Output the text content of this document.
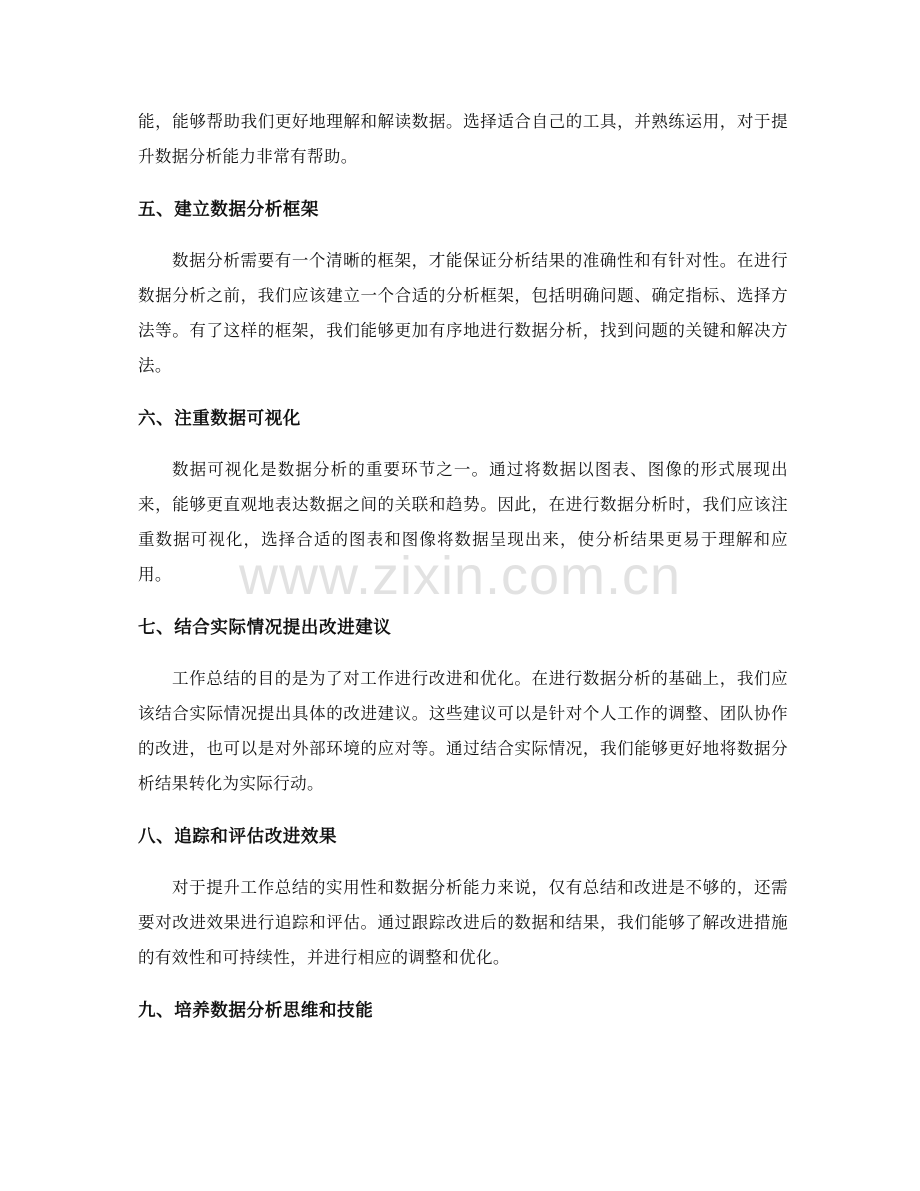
能，能够帮助我们更好地理解和解读数据。选择适合自己的工具，并熟练运用，对于提升数据分析能力非常有帮助。

五、建立数据分析框架

数据分析需要有一个清晰的框架，才能保证分析结果的准确性和有针对性。在进行数据分析之前，我们应该建立一个合适的分析框架，包括明确问题、确定指标、选择方法等。有了这样的框架，我们能够更加有序地进行数据分析，找到问题的关键和解决方法。

六、注重数据可视化

数据可视化是数据分析的重要环节之一。通过将数据以图表、图像的形式展现出来，能够更直观地表达数据之间的关联和趋势。因此，在进行数据分析时，我们应该注重数据可视化，选择合适的图表和图像将数据呈现出来，使分析结果更易于理解和应用。

七、结合实际情况提出改进建议

工作总结的目的是为了对工作进行改进和优化。在进行数据分析的基础上，我们应该结合实际情况提出具体的改进建议。这些建议可以是针对个人工作的调整、团队协作的改进，也可以是对外部环境的应对等。通过结合实际情况，我们能够更好地将数据分析结果转化为实际行动。

八、追踪和评估改进效果

对于提升工作总结的实用性和数据分析能力来说，仅有总结和改进是不够的，还需要对改进效果进行追踪和评估。通过跟踪改进后的数据和结果，我们能够了解改进措施的有效性和可持续性，并进行相应的调整和优化。

九、培养数据分析思维和技能
www.zixin.com.cn
